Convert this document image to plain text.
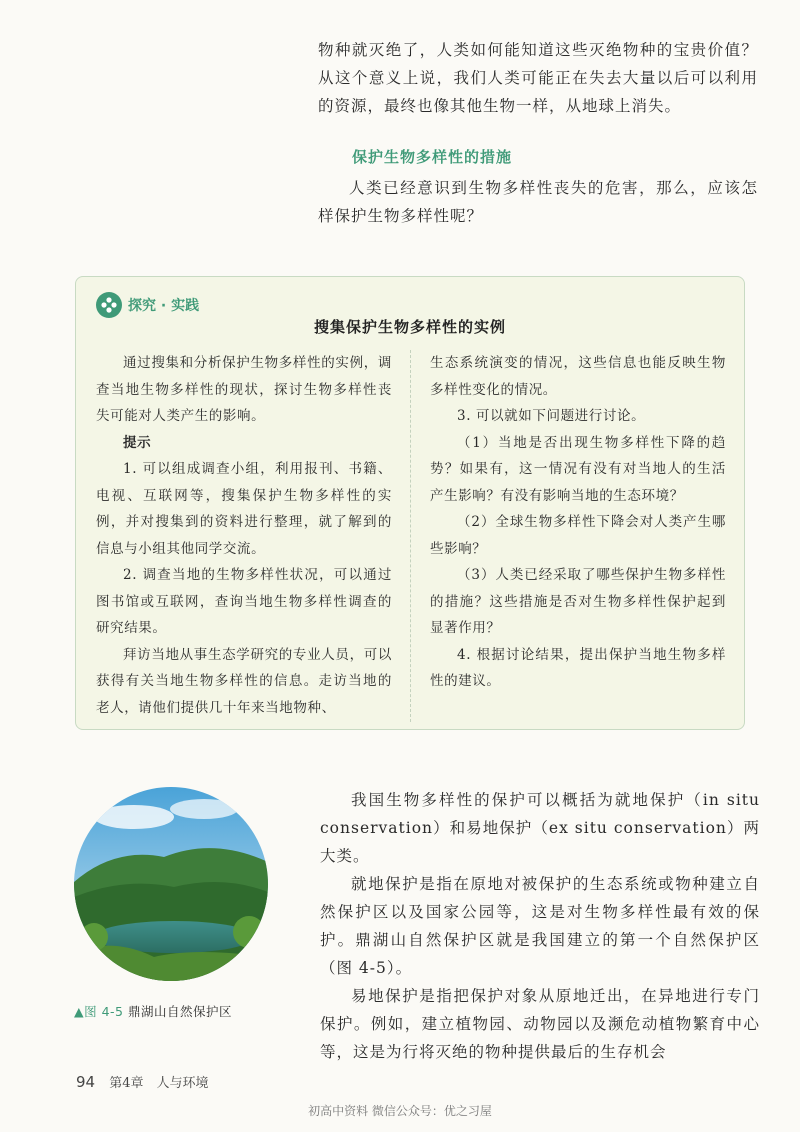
物种就灭绝了，人类如何能知道这些灭绝物种的宝贵价值？从这个意义上说，我们人类可能正在失去大量以后可以利用的资源，最终也像其他生物一样，从地球上消失。

保护生物多样性的措施

人类已经意识到生物多样性丧失的危害，那么，应该怎样保护生物多样性呢？

探究 · 实践
搜集保护生物多样性的实例

通过搜集和分析保护生物多样性的实例，调查当地生物多样性的现状，探讨生物多样性丧失可能对人类产生的影响。

提示

1. 可以组成调查小组，利用报刊、书籍、电视、互联网等，搜集保护生物多样性的实例，并对搜集到的资料进行整理，就了解到的信息与小组其他同学交流。

2. 调查当地的生物多样性状况，可以通过图书馆或互联网，查询当地生物多样性调查的研究结果。

拜访当地从事生态学研究的专业人员，可以获得有关当地生物多样性的信息。走访当地的老人，请他们提供几十年来当地物种、

生态系统演变的情况，这些信息也能反映生物多样性变化的情况。

3. 可以就如下问题进行讨论。

（1）当地是否出现生物多样性下降的趋势？如果有，这一情况有没有对当地人的生活产生影响？有没有影响当地的生态环境？

（2）全球生物多样性下降会对人类产生哪些影响？

（3）人类已经采取了哪些保护生物多样性的措施？这些措施是否对生物多样性保护起到显著作用？

4. 根据讨论结果，提出保护当地生物多样性的建议。

▲图 4-5 鼎湖山自然保护区

我国生物多样性的保护可以概括为就地保护（in situ conservation）和易地保护（ex situ conservation）两大类。

就地保护是指在原地对被保护的生态系统或物种建立自然保护区以及国家公园等，这是对生物多样性最有效的保护。鼎湖山自然保护区就是我国建立的第一个自然保护区（图 4-5）。

易地保护是指把保护对象从原地迁出，在异地进行专门保护。例如，建立植物园、动物园以及濒危动植物繁育中心等，这是为行将灭绝的物种提供最后的生存机会

94 第4章　人与环境
初高中资料 微信公众号：优之习屋
